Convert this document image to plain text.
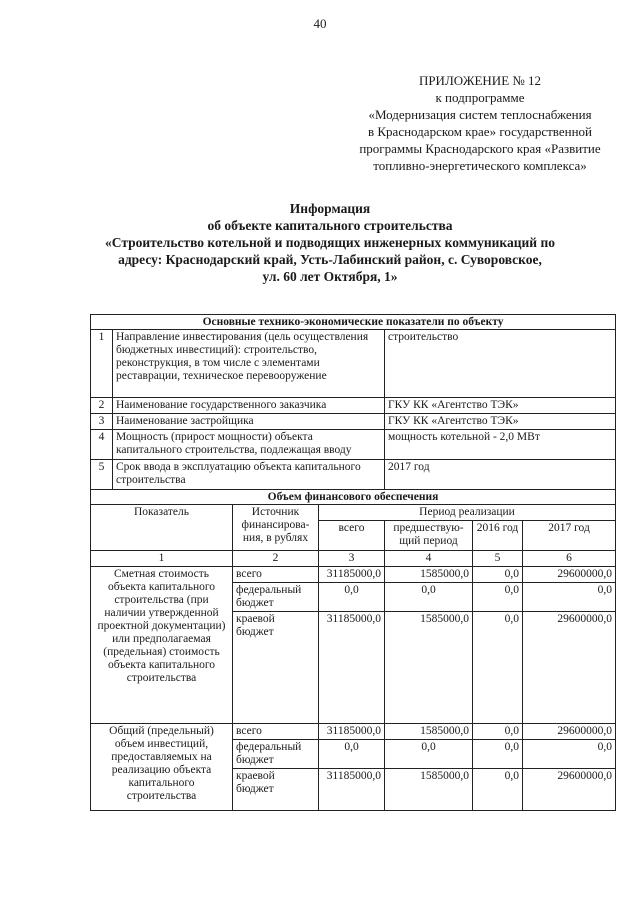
40
ПРИЛОЖЕНИЕ № 12
к подпрограмме
«Модернизация систем теплоснабжения
в Краснодарском крае» государственной
программы Краснодарского края «Развитие
топливно-энергетического комплекса»
Информация
об объекте капитального строительства
«Строительство котельной и подводящих инженерных коммуникаций по
адресу: Краснодарский край, Усть-Лабинский район, с. Суворовское,
ул. 60 лет Октября, 1»
Основные технико-экономические показатели по объекту						
1	Направление инвестирования (цель осуществления бюджетных инвестиций): строительство, реконструкция, в том числе с элементами реставрации, техническое перевооружение			строительство		
2	Наименование государственного заказчика			ГКУ КК «Агентство ТЭК»		
3	Наименование застройщика			ГКУ КК «Агентство ТЭК»		
4	Мощность (прирост мощности) объекта капитального строительства, подлежащая вводу			мощность котельной - 2,0 МВт		
5	Срок ввода в эксплуатацию объекта капитального строительства			2017 год		
Объем финансового обеспечения						
Показатель		Источник финансирова-ния, в рублях	Период реализации			
			всего	предшествую-щий период	2016 год	2017 год
1		2	3	4	5	6
Сметная стоимость объекта капитального строительства (при наличии утвержденной проектной документации) или предполагаемая (предельная) стоимость объекта капитального строительства		всего	31185000,0	1585000,0	0,0	29600000,0
		федеральный бюджет	0,0	0,0	0,0	0,0
		краевой бюджет	31185000,0	1585000,0	0,0	29600000,0
Общий (предельный) объем инвестиций, предоставляемых на реализацию объекта капитального строительства		всего	31185000,0	1585000,0	0,0	29600000,0
		федеральный бюджет	0,0	0,0	0,0	0,0
		краевой бюджет	31185000,0	1585000,0	0,0	29600000,0
